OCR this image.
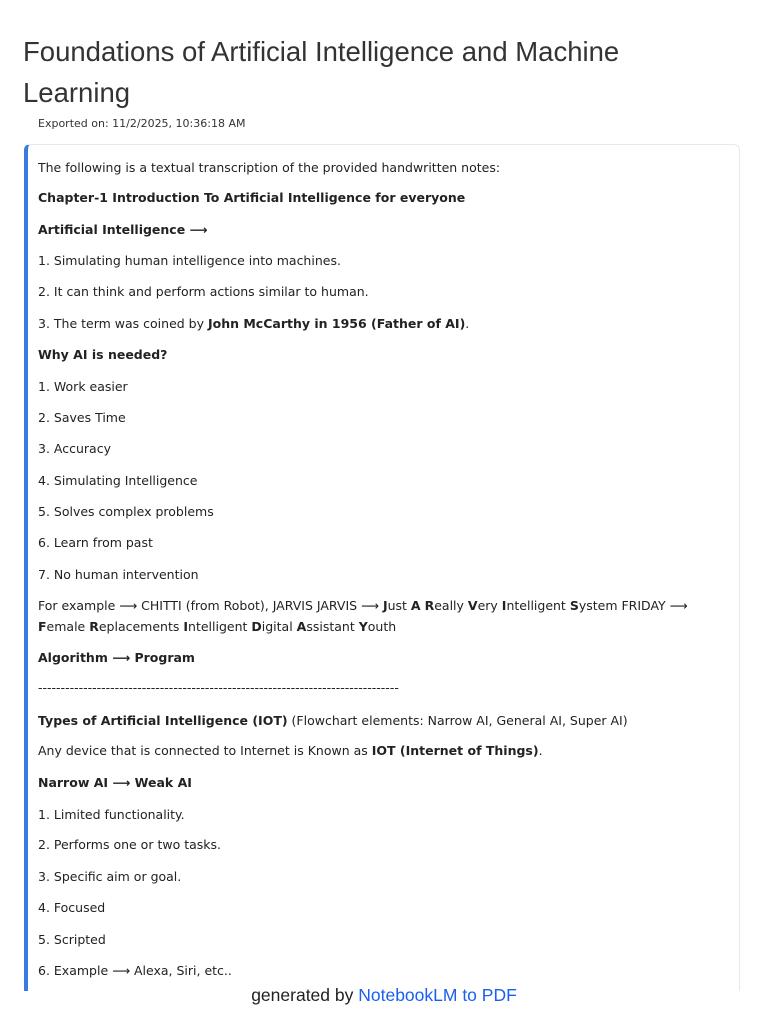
Foundations of Artificial Intelligence and Machine Learning

Exported on: 11/2/2025, 10:36:18 AM

The following is a textual transcription of the provided handwritten notes:

Chapter-1 Introduction To Artificial Intelligence for everyone

Artificial Intelligence ⟶

1. Simulating human intelligence into machines.

2. It can think and perform actions similar to human.

3. The term was coined by John McCarthy in 1956 (Father of AI).

Why AI is needed?

1. Work easier

2. Saves Time

3. Accuracy

4. Simulating Intelligence

5. Solves complex problems

6. Learn from past

7. No human intervention

For example ⟶ CHITTI (from Robot), JARVIS JARVIS ⟶ Just A Really Very Intelligent System FRIDAY ⟶ Female Replacements Intelligent Digital Assistant Youth

Algorithm ⟶ Program

--------------------------------------------------------------------------------

Types of Artificial Intelligence (IOT) (Flowchart elements: Narrow AI, General AI, Super AI)

Any device that is connected to Internet is Known as IOT (Internet of Things).

Narrow AI ⟶ Weak AI

1. Limited functionality.

2. Performs one or two tasks.

3. Specific aim or goal.

4. Focused

5. Scripted

6. Example ⟶ Alexa, Siri, etc..

generated by NotebookLM to PDF
